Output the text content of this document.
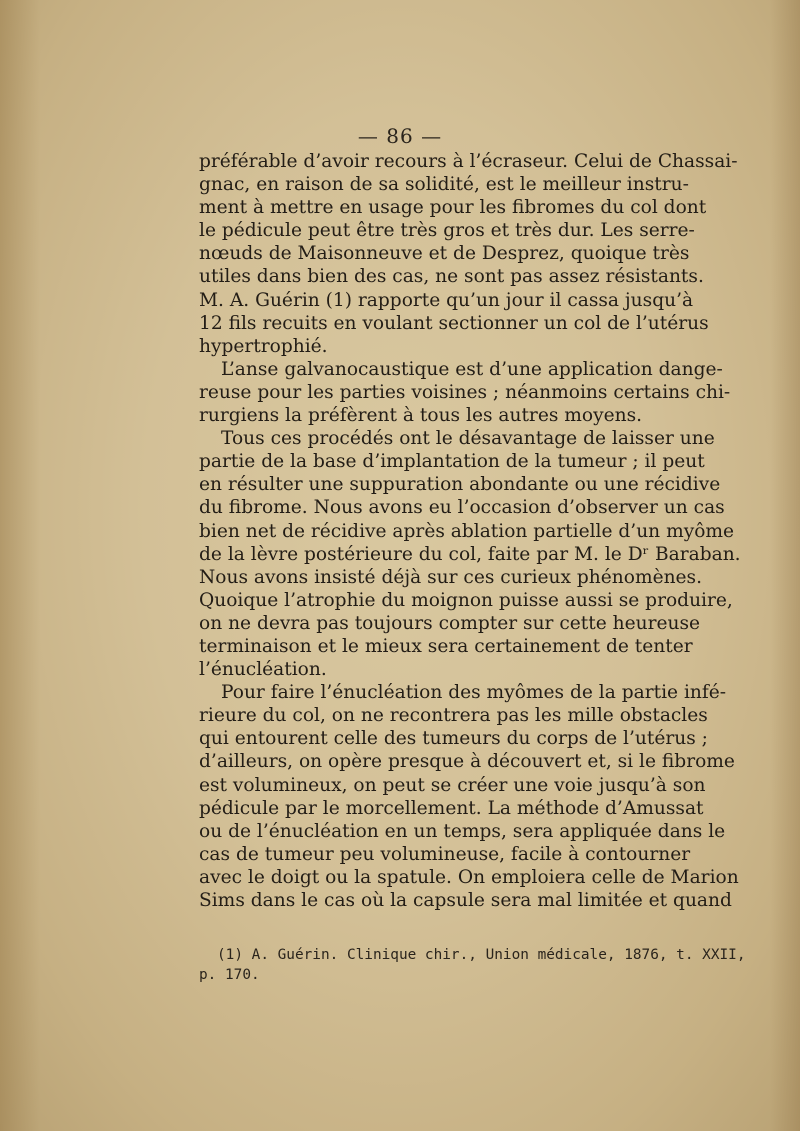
— 86 —
préférable d’avoir recours à l’écraseur. Celui de Chassai-
gnac, en raison de sa solidité, est le meilleur instru-
ment à mettre en usage pour les fibromes du col dont
le pédicule peut être très gros et très dur. Les serre-
nœuds de Maisonneuve et de Desprez, quoique très
utiles dans bien des cas, ne sont pas assez résistants.
M. A. Guérin (1) rapporte qu’un jour il cassa jusqu’à
12 fils recuits en voulant sectionner un col de l’utérus
hypertrophié.
L’anse galvanocaustique est d’une application dange-
reuse pour les parties voisines ; néanmoins certains chi-
rurgiens la préfèrent à tous les autres moyens.
Tous ces procédés ont le désavantage de laisser une
partie de la base d’implantation de la tumeur ; il peut
en résulter une suppuration abondante ou une récidive
du fibrome. Nous avons eu l’occasion d’observer un cas
bien net de récidive après ablation partielle d’un myôme
de la lèvre postérieure du col, faite par M. le Dʳ Baraban.
Nous avons insisté déjà sur ces curieux phénomènes.
Quoique l’atrophie du moignon puisse aussi se produire,
on ne devra pas toujours compter sur cette heureuse
terminaison et le mieux sera certainement de tenter
l’énucléation.
Pour faire l’énucléation des myômes de la partie infé-
rieure du col, on ne recontrera pas les mille obstacles
qui entourent celle des tumeurs du corps de l’utérus ;
d’ailleurs, on opère presque à découvert et, si le fibrome
est volumineux, on peut se créer une voie jusqu’à son
pédicule par le morcellement. La méthode d’Amussat
ou de l’énucléation en un temps, sera appliquée dans le
cas de tumeur peu volumineuse, facile à contourner
avec le doigt ou la spatule. On emploiera celle de Marion
Sims dans le cas où la capsule sera mal limitée et quand
(1) A. Guérin. Clinique chir., Union médicale, 1876, t. XXII,
p. 170.
